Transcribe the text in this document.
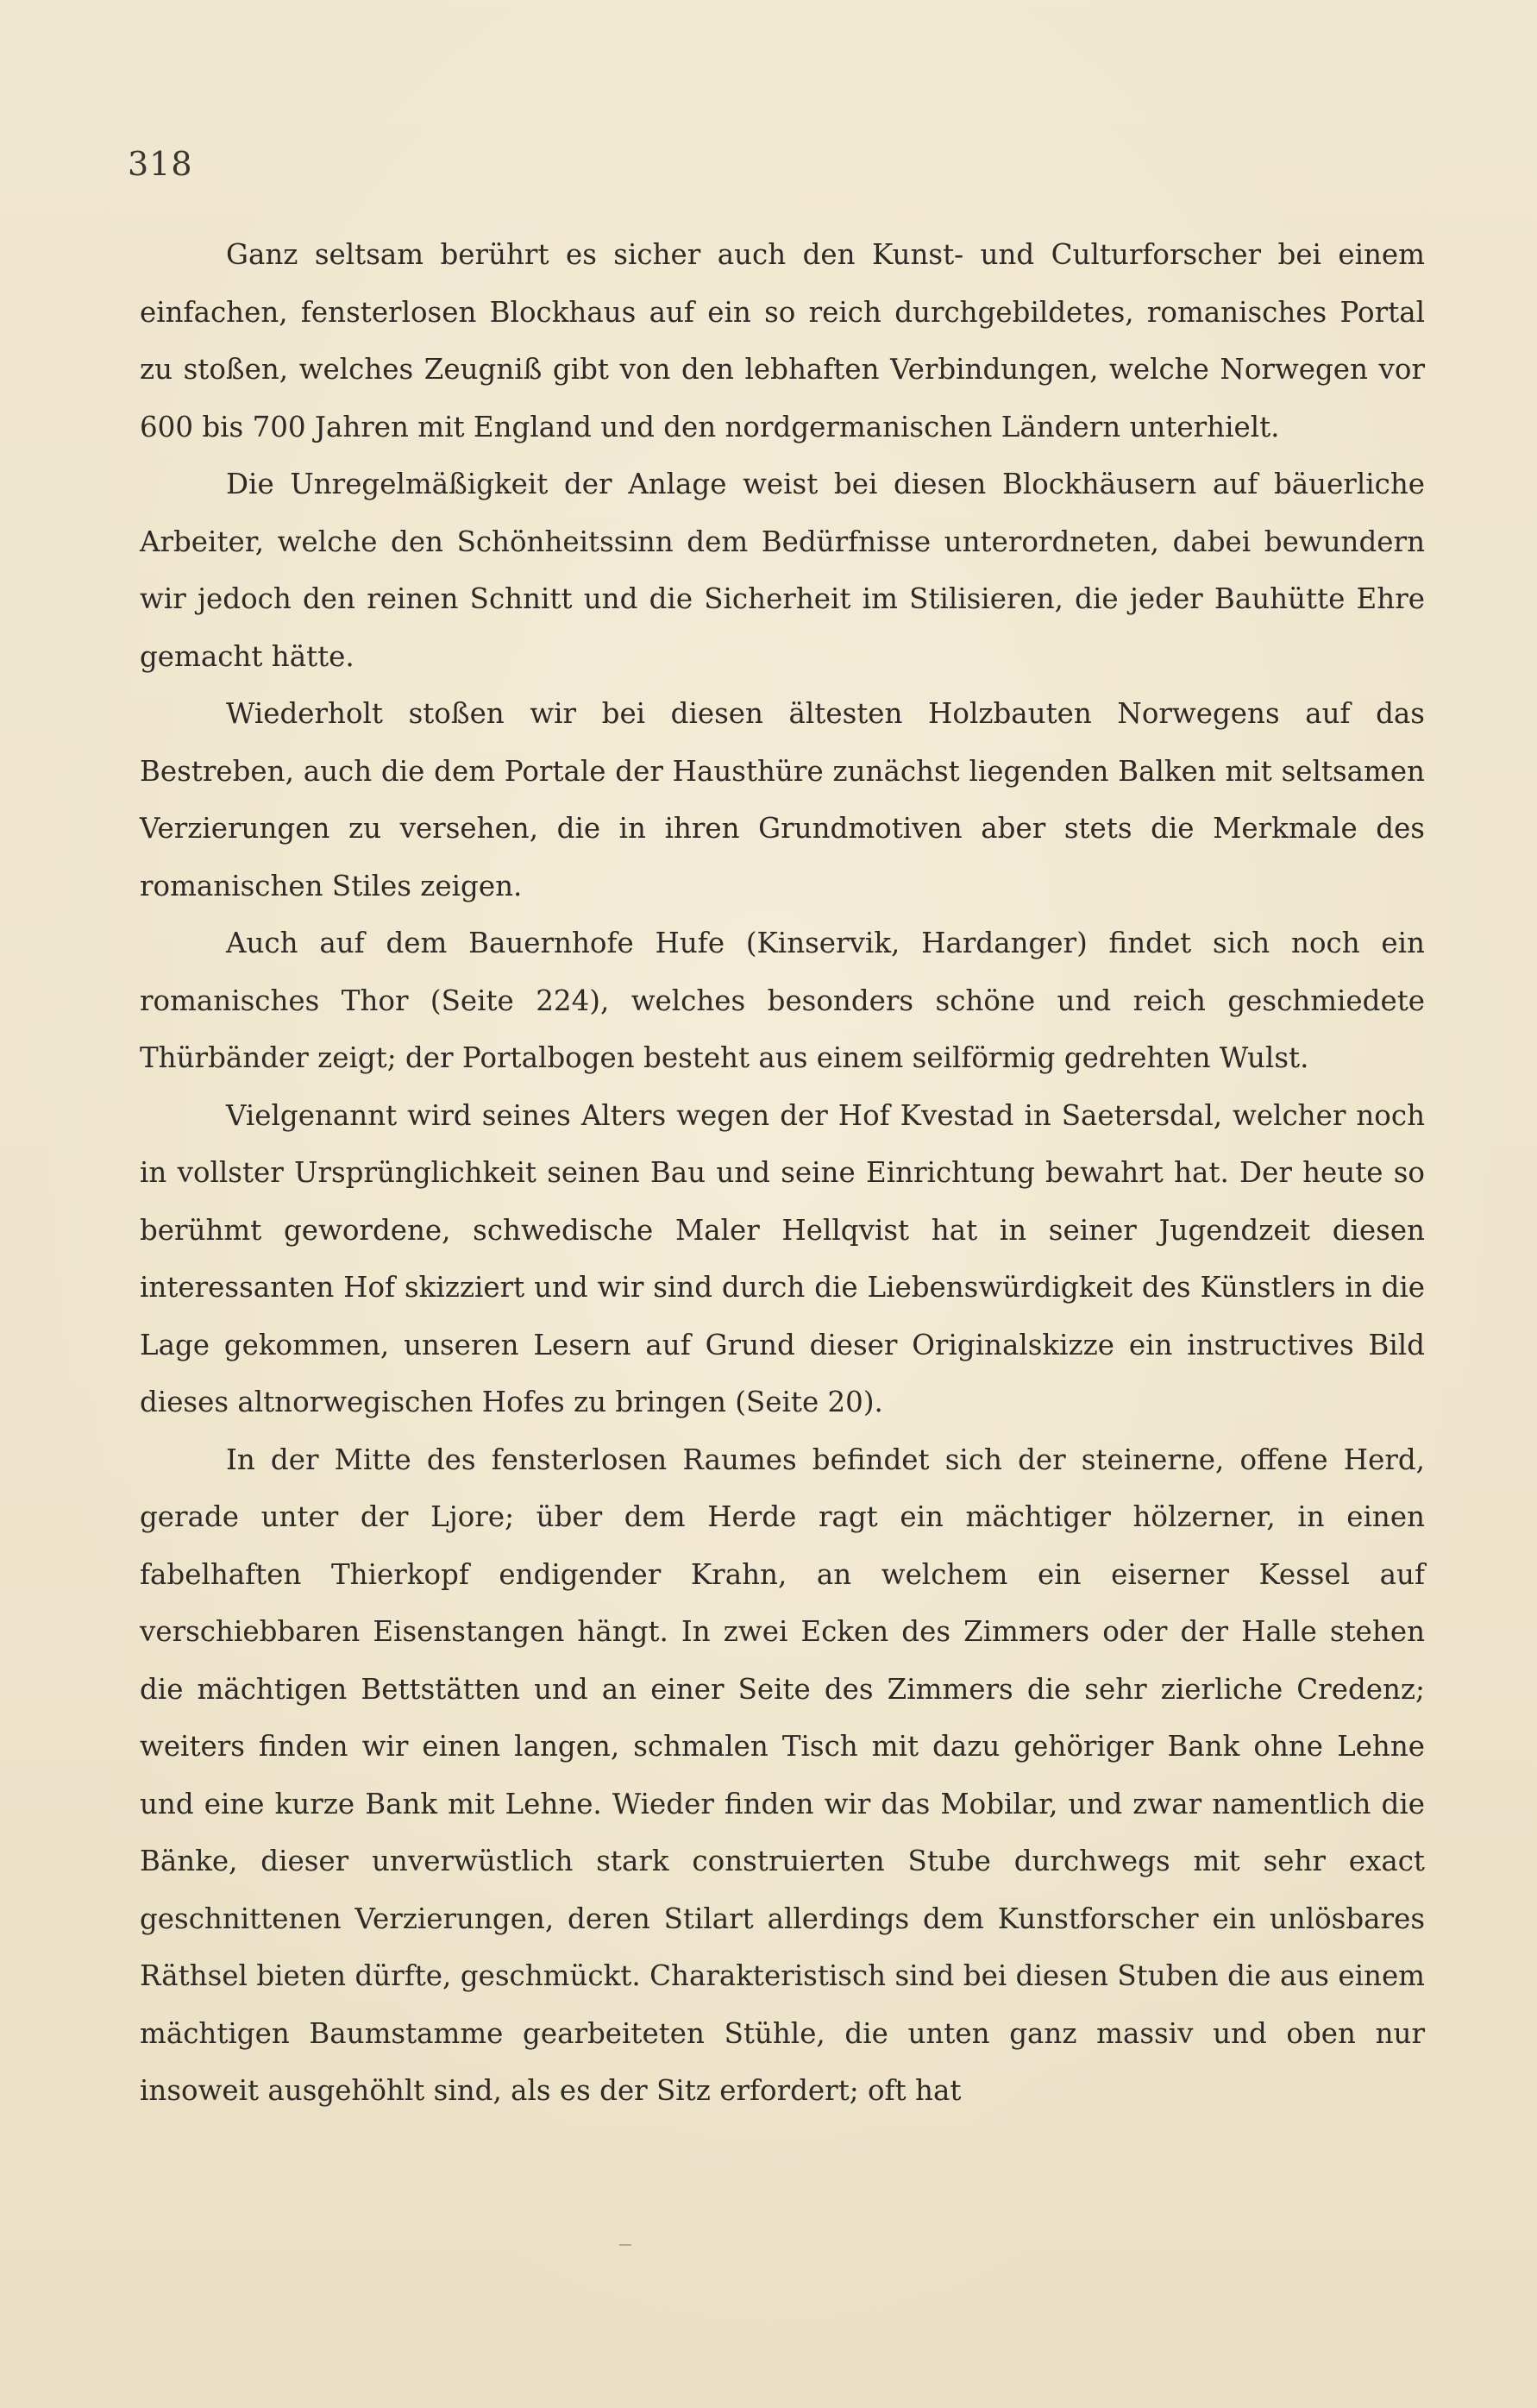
318

Ganz seltsam berührt es sicher auch den Kunst- und Culturforscher bei einem einfachen, fensterlosen Blockhaus auf ein so reich durchgebildetes, romanisches Portal zu stoßen, welches Zeugniß gibt von den lebhaften Verbindungen, welche Norwegen vor 600 bis 700 Jahren mit England und den nordgermanischen Ländern unterhielt.

Die Unregelmäßigkeit der Anlage weist bei diesen Blockhäusern auf bäuerliche Arbeiter, welche den Schönheitssinn dem Bedürfnisse unterordneten, dabei bewundern wir jedoch den reinen Schnitt und die Sicherheit im Stilisieren, die jeder Bauhütte Ehre gemacht hätte.

Wiederholt stoßen wir bei diesen ältesten Holzbauten Norwegens auf das Bestreben, auch die dem Portale der Hausthüre zunächst liegenden Balken mit seltsamen Verzierungen zu versehen, die in ihren Grundmotiven aber stets die Merkmale des romanischen Stiles zeigen.

Auch auf dem Bauernhofe Hufe (Kinservik, Hardanger) findet sich noch ein romanisches Thor (Seite 224), welches besonders schöne und reich geschmiedete Thürbänder zeigt; der Portalbogen besteht aus einem seilförmig gedrehten Wulst.

Vielgenannt wird seines Alters wegen der Hof Kvestad in Saetersdal, welcher noch in vollster Ursprünglichkeit seinen Bau und seine Einrichtung bewahrt hat. Der heute so berühmt gewordene, schwedische Maler Hellqvist hat in seiner Jugendzeit diesen interessanten Hof skizziert und wir sind durch die Liebenswürdigkeit des Künstlers in die Lage gekommen, unseren Lesern auf Grund dieser Originalskizze ein instructives Bild dieses altnorwegischen Hofes zu bringen (Seite 20).

In der Mitte des fensterlosen Raumes befindet sich der steinerne, offene Herd, gerade unter der Ljore; über dem Herde ragt ein mächtiger hölzerner, in einen fabelhaften Thierkopf endigender Krahn, an welchem ein eiserner Kessel auf verschiebbaren Eisenstangen hängt. In zwei Ecken des Zimmers oder der Halle stehen die mächtigen Bettstätten und an einer Seite des Zimmers die sehr zierliche Credenz; weiters finden wir einen langen, schmalen Tisch mit dazu gehöriger Bank ohne Lehne und eine kurze Bank mit Lehne. Wieder finden wir das Mobilar, und zwar namentlich die Bänke, dieser unverwüstlich stark construierten Stube durchwegs mit sehr exact geschnittenen Verzierungen, deren Stilart allerdings dem Kunstforscher ein unlösbares Räthsel bieten dürfte, geschmückt. Charakteristisch sind bei diesen Stuben die aus einem mächtigen Baumstamme gearbeiteten Stühle, die unten ganz massiv und oben nur insoweit ausgehöhlt sind, als es der Sitz erfordert; oft hat
